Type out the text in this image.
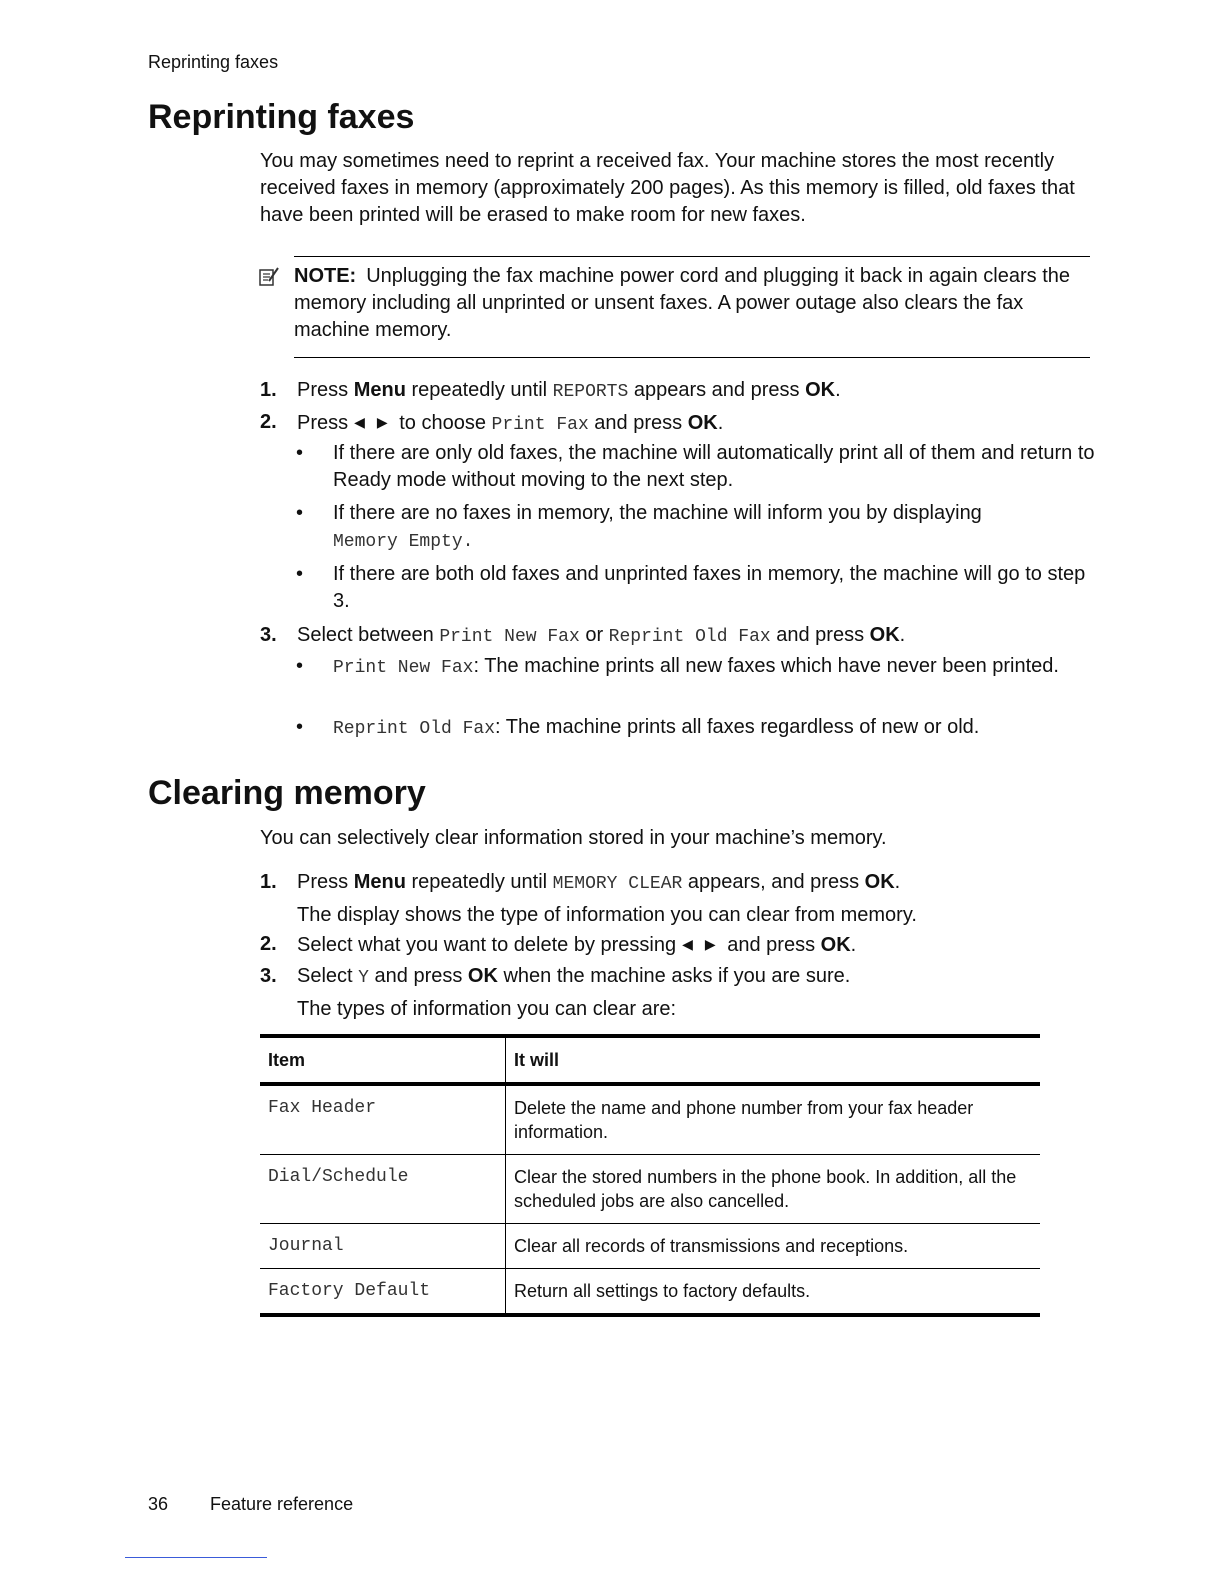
Reprinting faxes
Reprinting faxes

You may sometimes need to reprint a received fax. Your machine stores the most recently received faxes in memory (approximately 200 pages). As this memory is filled, old faxes that have been printed will be erased to make room for new faxes.

NOTE: Unplugging the fax machine power cord and plugging it back in again clears the memory including all unprinted or unsent faxes. A power outage also clears the fax machine memory.

1.	Press Menu repeatedly until REPORTS appears and press OK.
2.	Press ◀ ▶ to choose Print Fax and press OK.
• If there are only old faxes, the machine will automatically print all of them and return to Ready mode without moving to the next step.
• If there are no faxes in memory, the machine will inform you by displaying
Memory Empty.
• If there are both old faxes and unprinted faxes in memory, the machine will go to step 3.
3.	Select between Print New Fax or Reprint Old Fax and press OK.
• Print New Fax: The machine prints all new faxes which have never been printed.
• Reprint Old Fax: The machine prints all faxes regardless of new or old.
Clearing memory

You can selectively clear information stored in your machine’s memory.

1.	Press Menu repeatedly until MEMORY CLEAR appears, and press OK.
The display shows the type of information you can clear from memory.
2.	Select what you want to delete by pressing ◀ ▶ and press OK.
3.	Select Y and press OK when the machine asks if you are sure.
The types of information you can clear are:
Item	It will
Fax Header	Delete the name and phone number from your fax header information.
Dial/Schedule	Clear the stored numbers in the phone book. In addition, all the scheduled jobs are also cancelled.
Journal	Clear all records of transmissions and receptions.
Factory Default	Return all settings to factory defaults.
36 Feature reference
